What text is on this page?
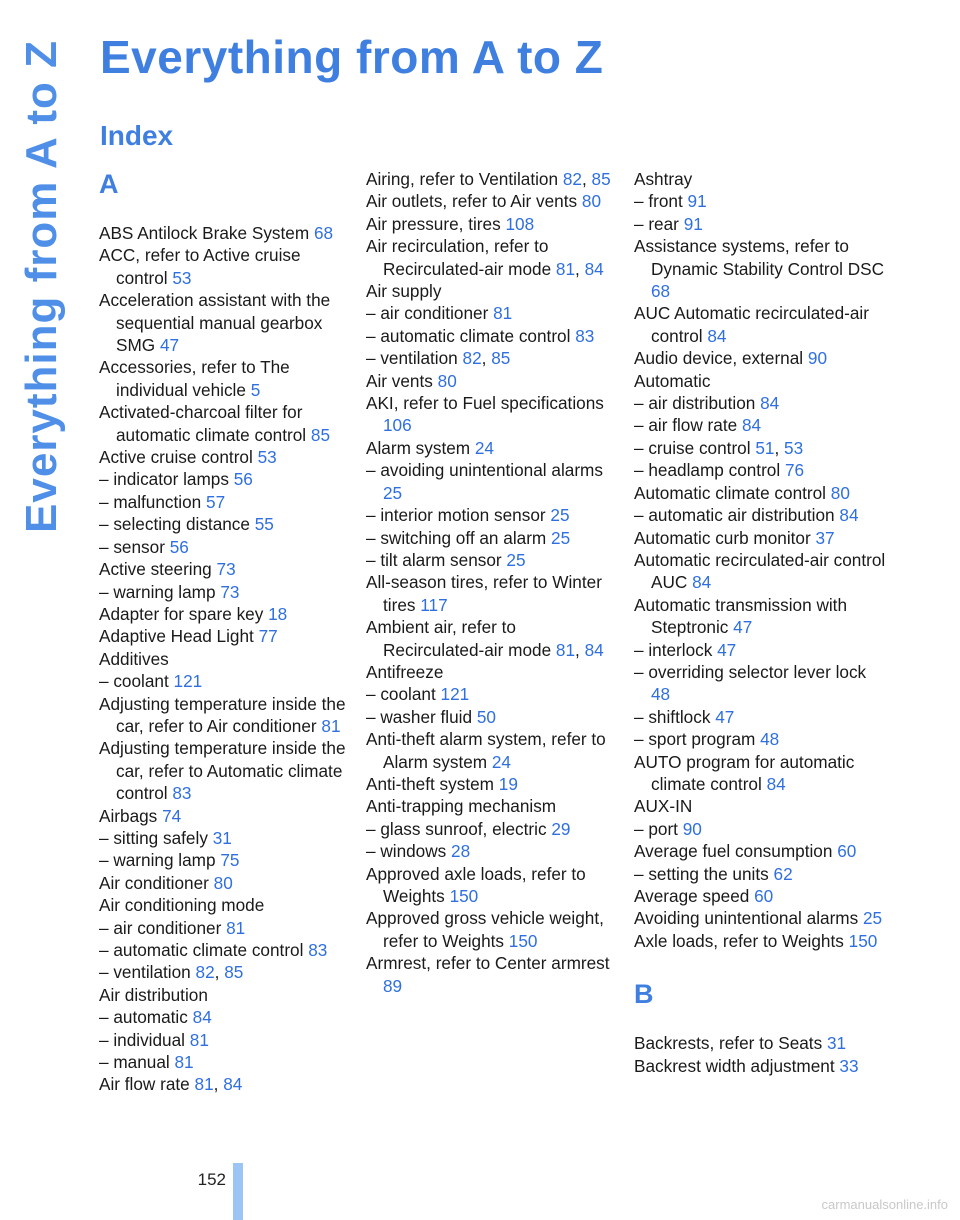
Everything from A to Z Everything from A to Z
Index
A

ABS Antilock Brake System 68

ACC, refer to Active cruise control 53

Acceleration assistant with the sequential manual gearbox SMG 47

Accessories, refer to The individual vehicle 5

Activated-charcoal filter for automatic climate control 85

Active cruise control 53

– indicator lamps 56

– malfunction 57

– selecting distance 55

– sensor 56

Active steering 73

– warning lamp 73

Adapter for spare key 18

Adaptive Head Light 77

Additives

– coolant 121

Adjusting temperature inside the car, refer to Air conditioner 81

Adjusting temperature inside the car, refer to Automatic climate control 83

Airbags 74

– sitting safely 31

– warning lamp 75

Air conditioner 80

Air conditioning mode

– air conditioner 81

– automatic climate control 83

– ventilation 82, 85

Air distribution

– automatic 84

– individual 81

– manual 81

Air flow rate 81, 84

Airing, refer to Ventilation 82, 85

Air outlets, refer to Air vents 80

Air pressure, tires 108

Air recirculation, refer to Recirculated-air mode 81, 84

Air supply

– air conditioner 81

– automatic climate control 83

– ventilation 82, 85

Air vents 80

AKI, refer to Fuel specifications 106

Alarm system 24

– avoiding unintentional alarms 25

– interior motion sensor 25

– switching off an alarm 25

– tilt alarm sensor 25

All-season tires, refer to Winter tires 117

Ambient air, refer to Recirculated-air mode 81, 84

Antifreeze

– coolant 121

– washer fluid 50

Anti-theft alarm system, refer to Alarm system 24

Anti-theft system 19

Anti-trapping mechanism

– glass sunroof, electric 29

– windows 28

Approved axle loads, refer to Weights 150

Approved gross vehicle weight, refer to Weights 150

Armrest, refer to Center armrest 89

Ashtray

– front 91

– rear 91

Assistance systems, refer to Dynamic Stability Control DSC 68

AUC Automatic recirculated-air control 84

Audio device, external 90

Automatic

– air distribution 84

– air flow rate 84

– cruise control 51, 53

– headlamp control 76

Automatic climate control 80

– automatic air distribution 84

Automatic curb monitor 37

Automatic recirculated-air control AUC 84

Automatic transmission with Steptronic 47

– interlock 47

– overriding selector lever lock 48

– shiftlock 47

– sport program 48

AUTO program for automatic climate control 84

AUX-IN

– port 90

Average fuel consumption 60

– setting the units 62

Average speed 60

Avoiding unintentional alarms 25

Axle loads, refer to Weights 150

B

Backrests, refer to Seats 31

Backrest width adjustment 33

152
carmanualsonline.info
